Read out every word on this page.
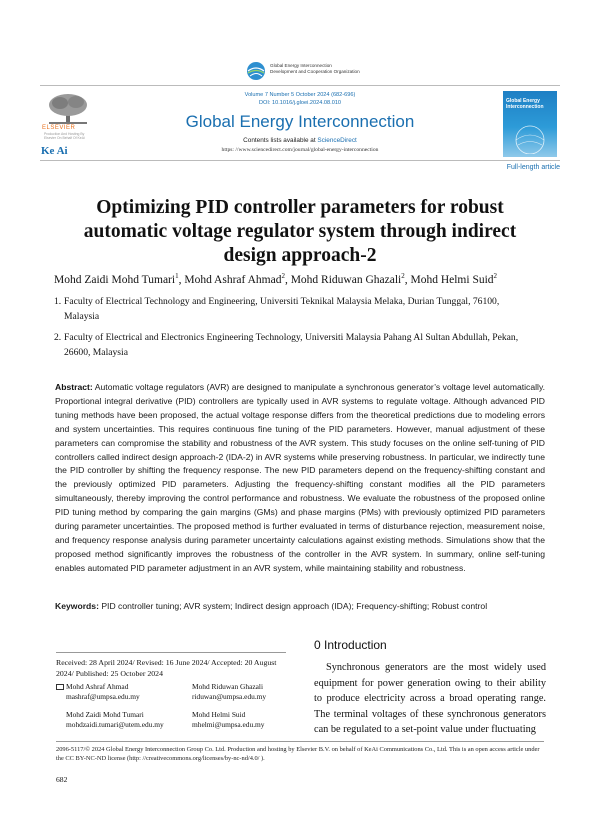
Global Energy Interconnection
Development and Cooperation Organization
ELSEVIER
Production And Hosting By Elsevier On Behalf Of KeAi
Ke Ai
Volume 7 Number 5 October 2024 (682-696)
DOI: 10.1016/j.gloei.2024.08.010
Global Energy Interconnection
Contents lists available at ScienceDirect
https: //www.sciencedirect.com/journal/global-energy-interconnection
Global Energy Interconnection
Full-length article
Optimizing PID controller parameters for robust
automatic voltage regulator system through indirect
design approach-2
Mohd Zaidi Mohd Tumari$^1$, Mohd Ashraf Ahmad$^2$, Mohd Riduwan Ghazali$^2$, Mohd Helmi Suid$^2$
1. Faculty of Electrical Technology and Engineering, Universiti Teknikal Malaysia Melaka, Durian Tunggal, 76100,
Malaysia
2. Faculty of Electrical and Electronics Engineering Technology, Universiti Malaysia Pahang Al Sultan Abdullah, Pekan,
26600, Malaysia
Abstract: Automatic voltage regulators (AVR) are designed to manipulate a synchronous generator’s voltage level automatically. Proportional integral derivative (PID) controllers are typically used in AVR systems to regulate voltage. Although advanced PID tuning methods have been proposed, the actual voltage response differs from the theoretical predictions due to modeling errors and system uncertainties. This requires continuous fine tuning of the PID parameters. However, manual adjustment of these parameters can compromise the stability and robustness of the AVR system. This study focuses on the online self-tuning of PID controllers called indirect design approach-2 (IDA-2) in AVR systems while preserving robustness. In particular, we indirectly tune the PID controller by shifting the frequency response. The new PID parameters depend on the frequency-shifting constant and the previously optimized PID parameters. Adjusting the frequency-shifting constant modifies all the PID parameters simultaneously, thereby improving the control performance and robustness. We evaluate the robustness of the proposed online PID tuning method by comparing the gain margins (GMs) and phase margins (PMs) with previously optimized PID parameters during parameter uncertainties. The proposed method is further evaluated in terms of disturbance rejection, measurement noise, and frequency response analysis during parameter uncertainty calculations against existing methods. Simulations show that the proposed method significantly improves the robustness of the controller in the AVR system. In summary, online self-tuning enables automated PID parameter adjustment in an AVR system, while maintaining stability and robustness.
Keywords: PID controller tuning; AVR system; Indirect design approach (IDA); Frequency-shifting; Robust control
Received: 28 April 2024/ Revised: 16 June 2024/ Accepted: 20 August
2024/ Published: 25 October 2024
Mohd Ashraf Ahmad
mashraf@umpsa.edu.my
Mohd Riduwan Ghazali
riduwan@umpsa.edu.my
Mohd Zaidi Mohd Tumari
mohdzaidi.tumari@utem.edu.my
Mohd Helmi Suid
mhelmi@umpsa.edu.my
0 Introduction
Synchronous generators are the most widely used equipment for power generation owing to their ability to produce electricity across a broad operating range. The terminal voltages of these synchronous generators can be regulated to a set-point value under fluctuating
2096-5117/© 2024 Global Energy Interconnection Group Co. Ltd. Production and hosting by Elsevier B.V. on behalf of KeAi Communications Co., Ltd. This is an open access article under the CC BY-NC-ND license (http: //creativecommons.org/licenses/by-nc-nd/4.0/ ).
682
